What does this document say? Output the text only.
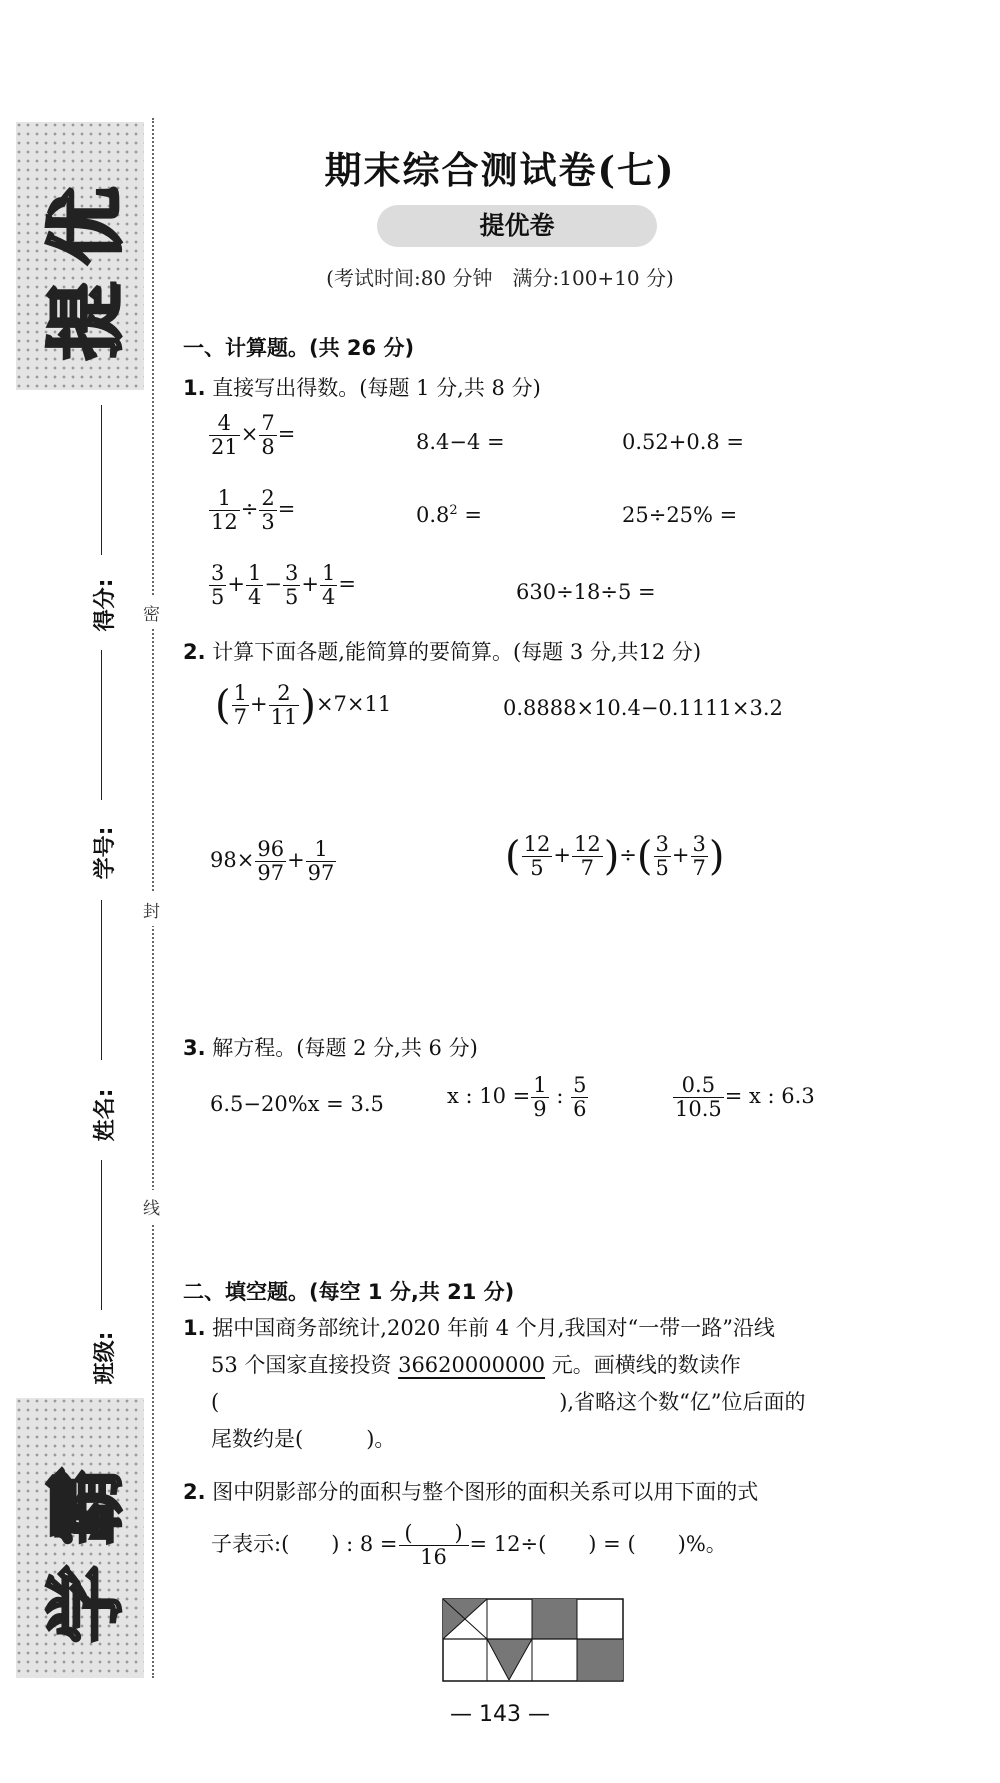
优
提
霸
学
密
封
线
得分:
学号:
姓名:
班级:
期末综合测试卷(七)
提优卷
(考试时间:80 分钟　满分:100+10 分)
一、计算题。(共 26 分)
1. 直接写出得数。(每题 1 分,共 8 分)
$\frac{4}{21} \times \frac{7}{8}$ =	8.4−4 =	0.52+0.8 =
$\frac{1}{12} \div \frac{2}{3}$ =	$0.8^2$ =	25÷25% =
$\frac{3}{5} + \frac{1}{4} - \frac{3}{5} + \frac{1}{4}$ =	630÷18÷5 =
2. 计算下面各题,能简算的要简算。(每题 3 分,共12 分)
( $\frac{1}{7} + \frac{2}{11} )\times 7\times 11$	0.8888×10.4−0.1111×3.2
$98\times \frac{96}{97} + \frac{1}{97}$	( $\frac{12}{5} + \frac{12}{7}$ )÷( $\frac{3}{5} + \frac{3}{7}$ )
3. 解方程。(每题 2 分,共 6 分)
6.5−20%x = 3.5	x : $10 = \frac{1}{9}$ : $\frac{5}{6}$	$\frac{0.5}{10.5} = x$ : 6.3
二、填空题。(每空 1 分,共 21 分)
1. 据中国商务部统计,2020 年前 4 个月,我国对“一带一路”沿线
53 个国家直接投资 36620000000 元。画横线的数读作
(	),省略这个数“亿”位后面的
尾数约是(　　　)。
2. 图中阴影部分的面积与整个图形的面积关系可以用下面的式
子表示:(　　) : $8 = \frac{( )}{16} = 12\div$(　　) = (　　)%。
— 143 —
